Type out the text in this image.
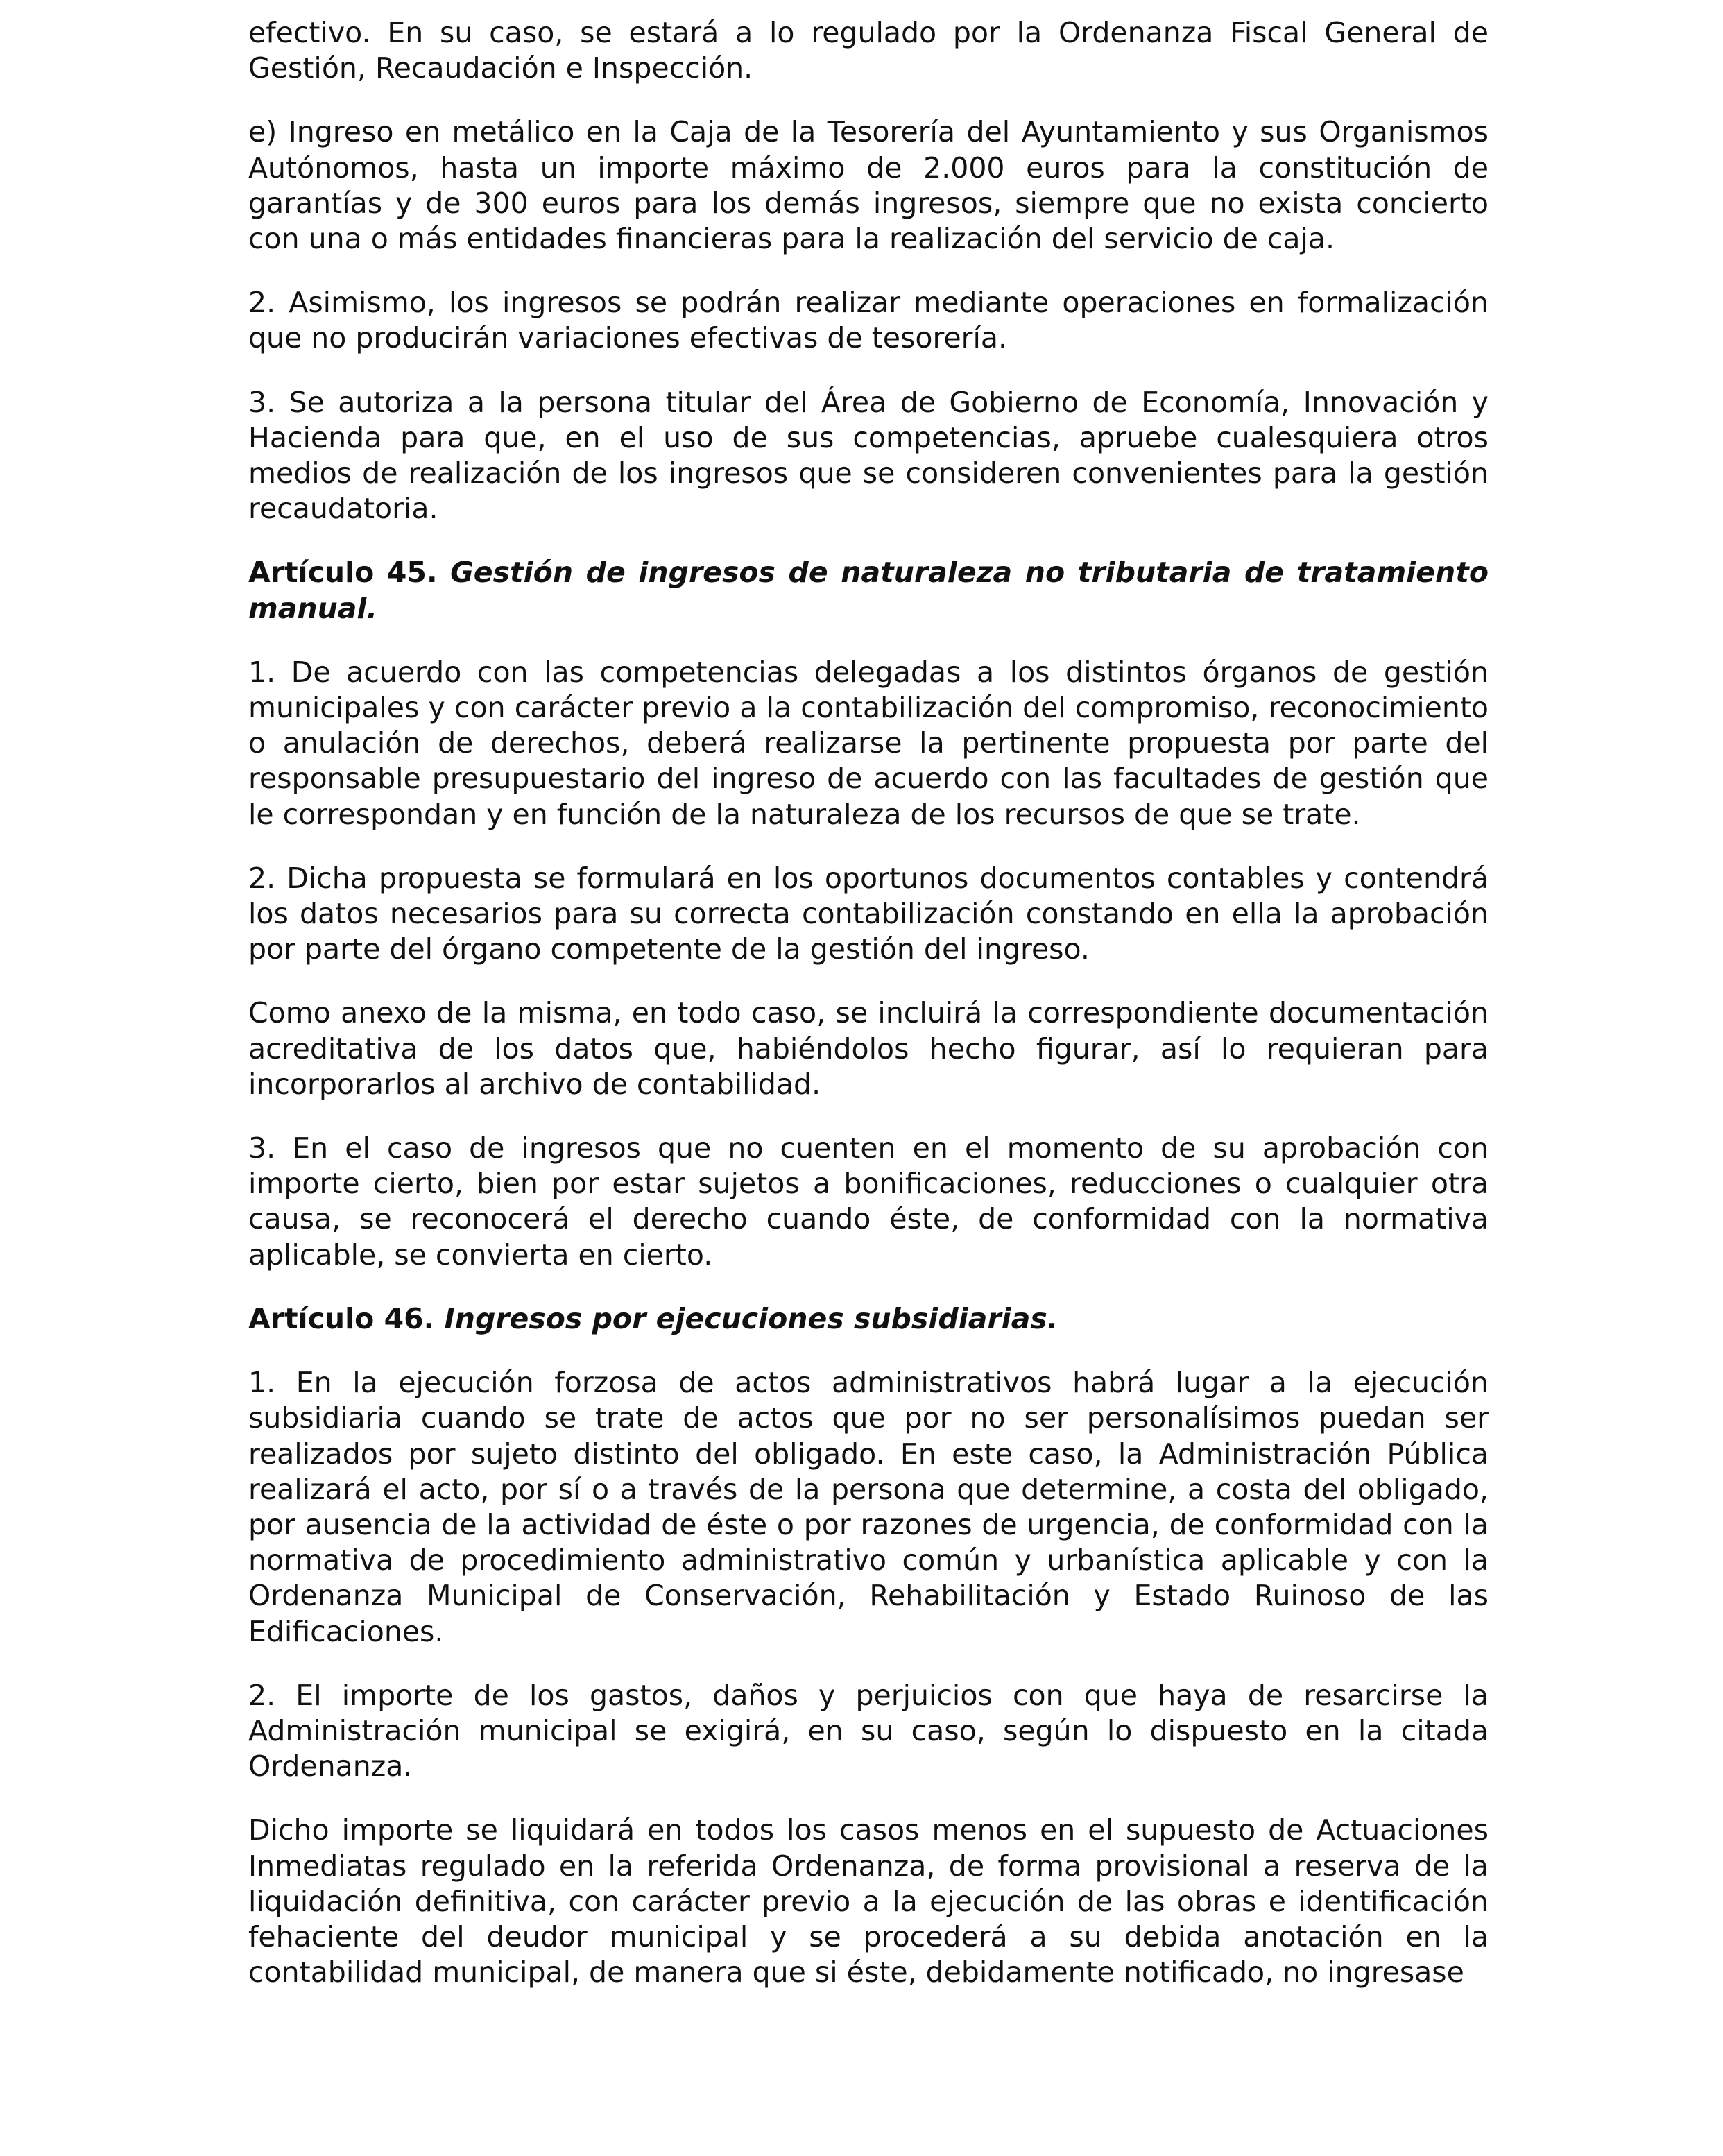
efectivo. En su caso, se estará a lo regulado por la Ordenanza Fiscal General de Gestión, Recaudación e Inspección.

e) Ingreso en metálico en la Caja de la Tesorería del Ayuntamiento y sus Organismos Autónomos, hasta un importe máximo de 2.000 euros para la constitución de garantías y de 300 euros para los demás ingresos, siempre que no exista concierto con una o más entidades financieras para la realización del servicio de caja.

2. Asimismo, los ingresos se podrán realizar mediante operaciones en formalización que no producirán variaciones efectivas de tesorería.

3. Se autoriza a la persona titular del Área de Gobierno de Economía, Innovación y Hacienda para que, en el uso de sus competencias, apruebe cualesquiera otros medios de realización de los ingresos que se consideren convenientes para la gestión recaudatoria.

Artículo 45. Gestión de ingresos de naturaleza no tributaria de tratamiento manual.

1. De acuerdo con las competencias delegadas a los distintos órganos de gestión municipales y con carácter previo a la contabilización del compromiso, reconocimiento o anulación de derechos, deberá realizarse la pertinente propuesta por parte del responsable presupuestario del ingreso de acuerdo con las facultades de gestión que le correspondan y en función de la naturaleza de los recursos de que se trate.

2. Dicha propuesta se formulará en los oportunos documentos contables y contendrá los datos necesarios para su correcta contabilización constando en ella la aprobación por parte del órgano competente de la gestión del ingreso.

Como anexo de la misma, en todo caso, se incluirá la correspondiente documentación acreditativa de los datos que, habiéndolos hecho figurar, así lo requieran para incorporarlos al archivo de contabilidad.

3. En el caso de ingresos que no cuenten en el momento de su aprobación con importe cierto, bien por estar sujetos a bonificaciones, reducciones o cualquier otra causa, se reconocerá el derecho cuando éste, de conformidad con la normativa aplicable, se convierta en cierto.

Artículo 46. Ingresos por ejecuciones subsidiarias.

1. En la ejecución forzosa de actos administrativos habrá lugar a la ejecución subsidiaria cuando se trate de actos que por no ser personalísimos puedan ser realizados por sujeto distinto del obligado. En este caso, la Administración Pública realizará el acto, por sí o a través de la persona que determine, a costa del obligado, por ausencia de la actividad de éste o por razones de urgencia, de conformidad con la normativa de procedimiento administrativo común y urbanística aplicable y con la Ordenanza Municipal de Conservación, Rehabilitación y Estado Ruinoso de las Edificaciones.

2. El importe de los gastos, daños y perjuicios con que haya de resarcirse la Administración municipal se exigirá, en su caso, según lo dispuesto en la citada Ordenanza.

Dicho importe se liquidará en todos los casos menos en el supuesto de Actuaciones Inmediatas regulado en la referida Ordenanza, de forma provisional a reserva de la liquidación definitiva, con carácter previo a la ejecución de las obras e identificación fehaciente del deudor municipal y se procederá a su debida anotación en la contabilidad municipal, de manera que si éste, debidamente notificado, no ingresase
